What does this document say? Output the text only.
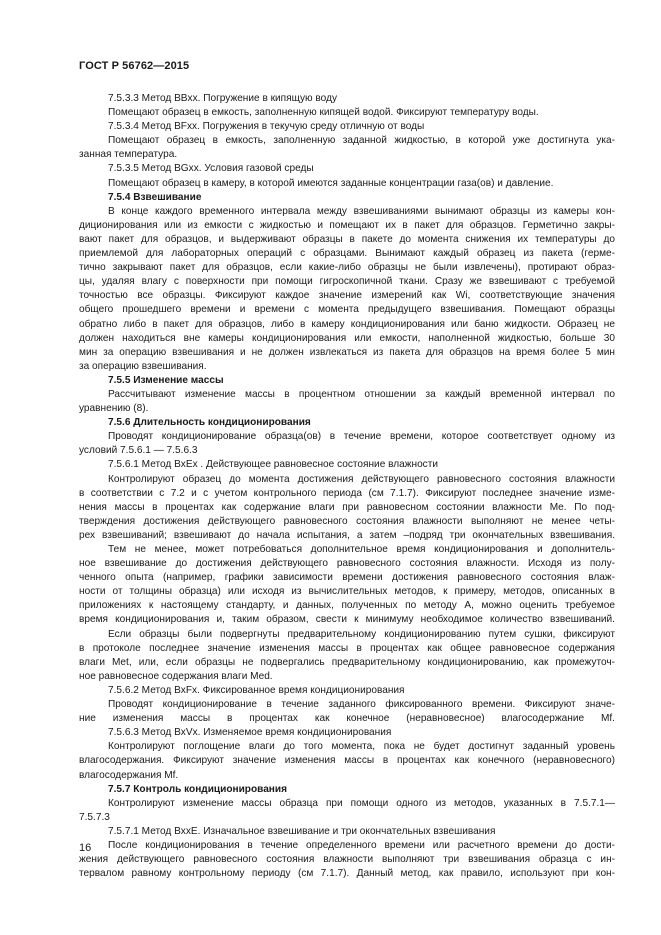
ГОСТ Р 56762—2015

7.5.3.3 Метод BBxx. Погружение в кипящую воду

Помещают образец в емкость, заполненную кипящей водой. Фиксируют температуру воды.

7.5.3.4 Метод BFxx. Погружения в текучую среду отличную от воды

Помещают образец в емкость, заполненную заданной жидкостью, в которой уже достигнута ука-

занная температура.

7.5.3.5 Метод BGxx. Условия газовой среды

Помещают образец в камеру, в которой имеются заданные концентрации газа(ов) и давление.

7.5.4 Взвешивание

В конце каждого временного интервала между взвешиваниями вынимают образцы из камеры кон-

диционирования или из емкости с жидкостью и помещают их в пакет для образцов. Герметично закры-

вают пакет для образцов, и выдерживают образцы в пакете до момента снижения их температуры до

приемлемой для лабораторных операций с образцами. Вынимают каждый образец из пакета (герме-

тично закрывают пакет для образцов, если какие-либо образцы не были извлечены), протирают образ-

цы, удаляя влагу с поверхности при помощи гигроскопичной ткани. Сразу же взвешивают с требуемой

точностью все образцы. Фиксируют каждое значение измерений как Wi, соответствующие значения

общего прошедшего времени и времени с момента предыдущего взвешивания. Помещают образцы

обратно либо в пакет для образцов, либо в камеру кондиционирования или баню жидкости. Образец не

должен находиться вне камеры кондиционирования или емкости, наполненной жидкостью, больше 30

мин за операцию взвешивания и не должен извлекаться из пакета для образцов на время более 5 мин

за операцию взвешивания.

7.5.5 Изменение массы

Рассчитывают изменение массы в процентном отношении за каждый временной интервал по

уравнению (8).

7.5.6 Длительность кондиционирования

Проводят кондиционирование образца(ов) в течение времени, которое соответствует одному из

условий 7.5.6.1 — 7.5.6.3

7.5.6.1 Метод BxEx . Действующее равновесное состояние влажности

Контролируют образец до момента достижения действующего равновесного состояния влажности

в соответствии с 7.2 и с учетом контрольного периода (см 7.1.7). Фиксируют последнее значение изме-

нения массы в процентах как содержание влаги при равновесном состоянии влажности Me. По под-

тверждения достижения действующего равновесного состояния влажности выполняют не менее четы-

рех взвешиваний; взвешивают до начала испытания, а затем –подряд три окончательных взвешивания.

Тем не менее, может потребоваться дополнительное время кондиционирования и дополнитель-

ное взвешивание до достижения действующего равновесного состояния влажности. Исходя из полу-

ченного опыта (например, графики зависимости времени достижения равновесного состояния влаж-

ности от толщины образца) или исходя из вычислительных методов, к примеру, методов, описанных в

приложениях к настоящему стандарту, и данных, полученных по методу A, можно оценить требуемое

время кондиционирования и, таким образом, свести к минимуму необходимое количество взвешиваний.

Если образцы были подвергнуты предварительному кондиционированию путем сушки, фиксируют

в протоколе последнее значение изменения массы в процентах как общее равновесное содержания

влаги Met, или, если образцы не подвергались предварительному кондиционированию, как промежуточ-

ное равновесное содержания влаги Med.

7.5.6.2 Метод BxFx. Фиксированное время кондиционирования

Проводят кондиционирование в течение заданного фиксированного времени. Фиксируют значе-

ние изменения массы в процентах как конечное (неравновесное) влагосодержание Mf.

7.5.6.3 Метод BxVx. Изменяемое время кондиционирования

Контролируют поглощение влаги до того момента, пока не будет достигнут заданный уровень

влагосодержания. Фиксируют значение изменения массы в процентах как конечного (неравновесного)

влагосодержания Mf.

7.5.7 Контроль кондиционирования

Контролируют изменение массы образца при помощи одного из методов, указанных в 7.5.7.1—

7.5.7.3

7.5.7.1 Метод BxxE. Изначальное взвешивание и три окончательных взвешивания

После кондиционирования в течение определенного времени или расчетного времени до дости-

жения действующего равновесного состояния влажности выполняют три взвешивания образца с ин-

тервалом равному контрольному периоду (см 7.1.7). Данный метод, как правило, используют при кон-

16
